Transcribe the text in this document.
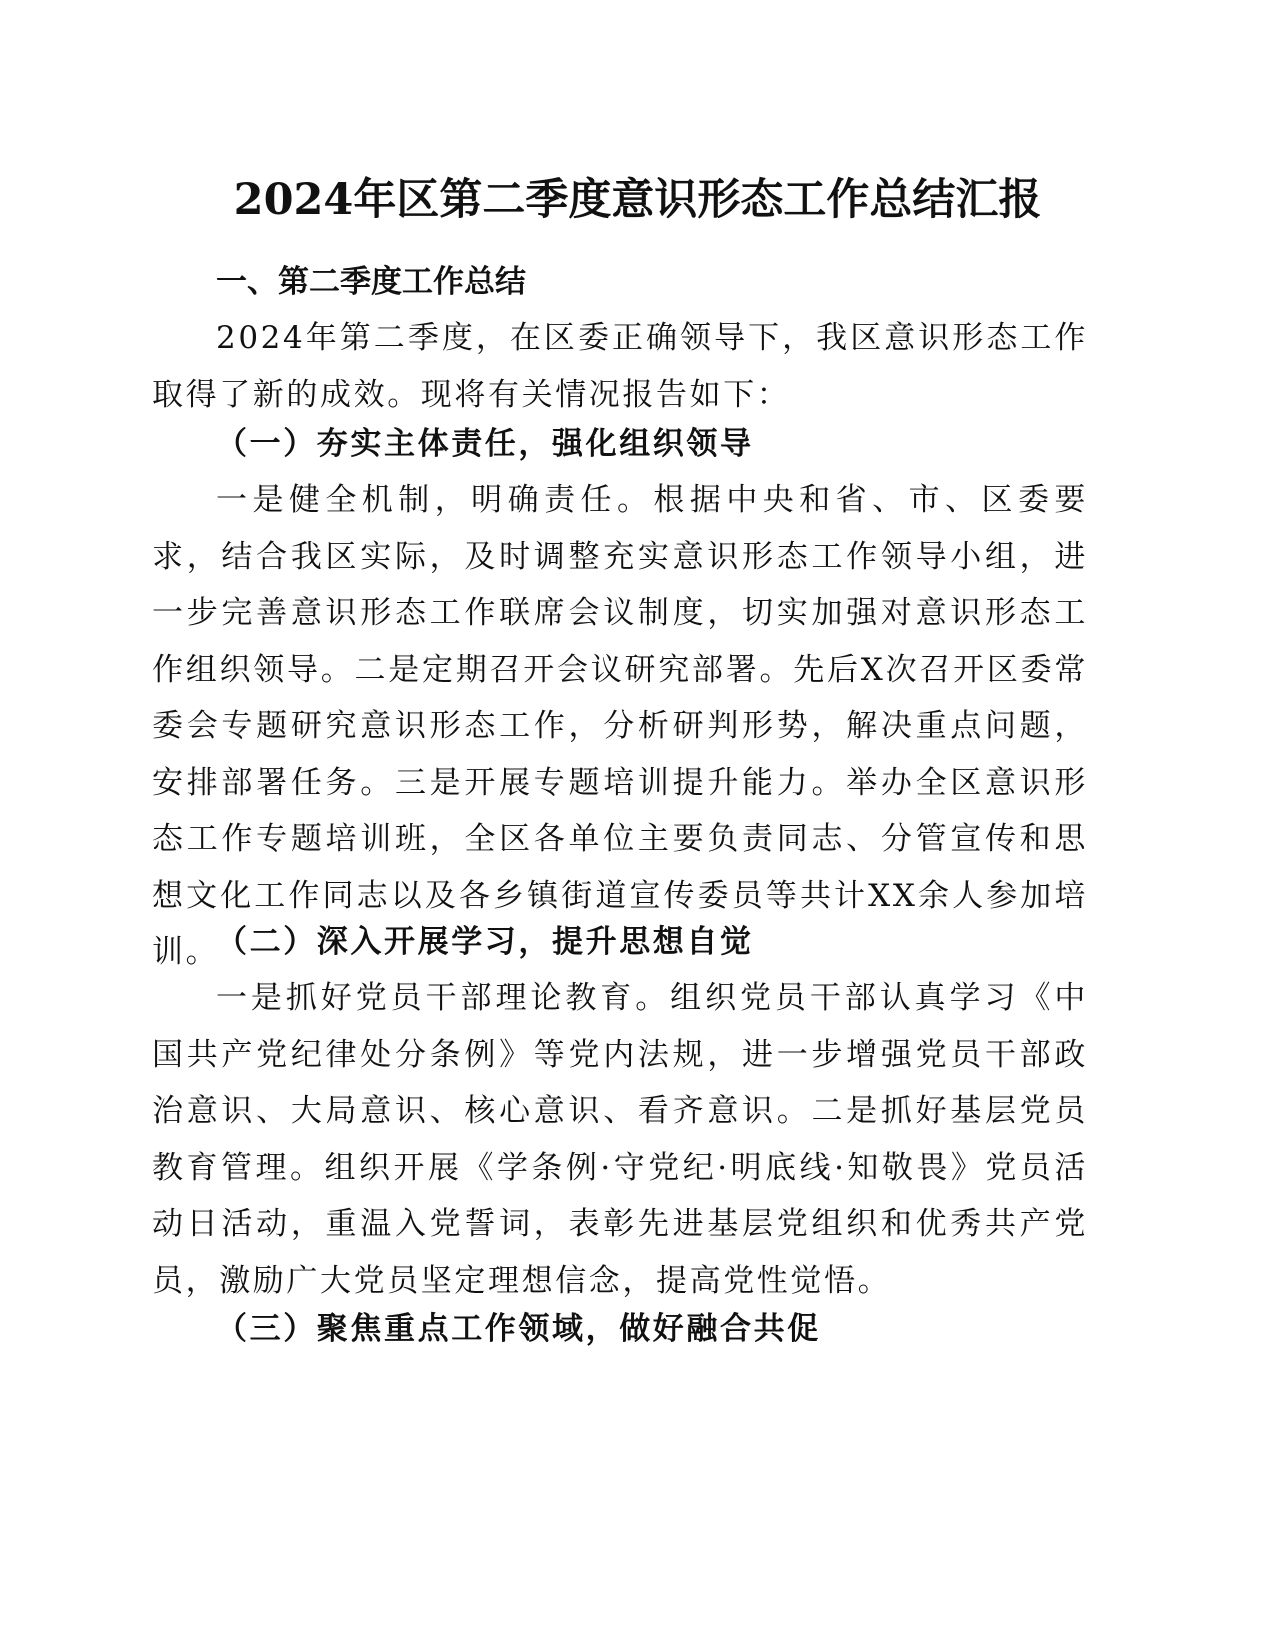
2024年区第二季度意识形态工作总结汇报
一、第二季度工作总结

2024年第二季度，在区委正确领导下，我区意识形态工作取得了新的成效。现将有关情况报告如下：

（一）夯实主体责任，强化组织领导

一是健全机制，明确责任。根据中央和省、市、区委要求，结合我区实际，及时调整充实意识形态工作领导小组，进一步完善意识形态工作联席会议制度，切实加强对意识形态工作组织领导。二是定期召开会议研究部署。先后X次召开区委常委会专题研究意识形态工作，分析研判形势，解决重点问题，安排部署任务。三是开展专题培训提升能力。举办全区意识形态工作专题培训班，全区各单位主要负责同志、分管宣传和思想文化工作同志以及各乡镇街道宣传委员等共计XX余人参加培训。

（二）深入开展学习，提升思想自觉

一是抓好党员干部理论教育。组织党员干部认真学习《中国共产党纪律处分条例》等党内法规，进一步增强党员干部政治意识、大局意识、核心意识、看齐意识。二是抓好基层党员教育管理。组织开展《学条例·守党纪·明底线·知敬畏》党员活动日活动，重温入党誓词，表彰先进基层党组织和优秀共产党员，激励广大党员坚定理想信念，提高党性觉悟。

（三）聚焦重点工作领域，做好融合共促
